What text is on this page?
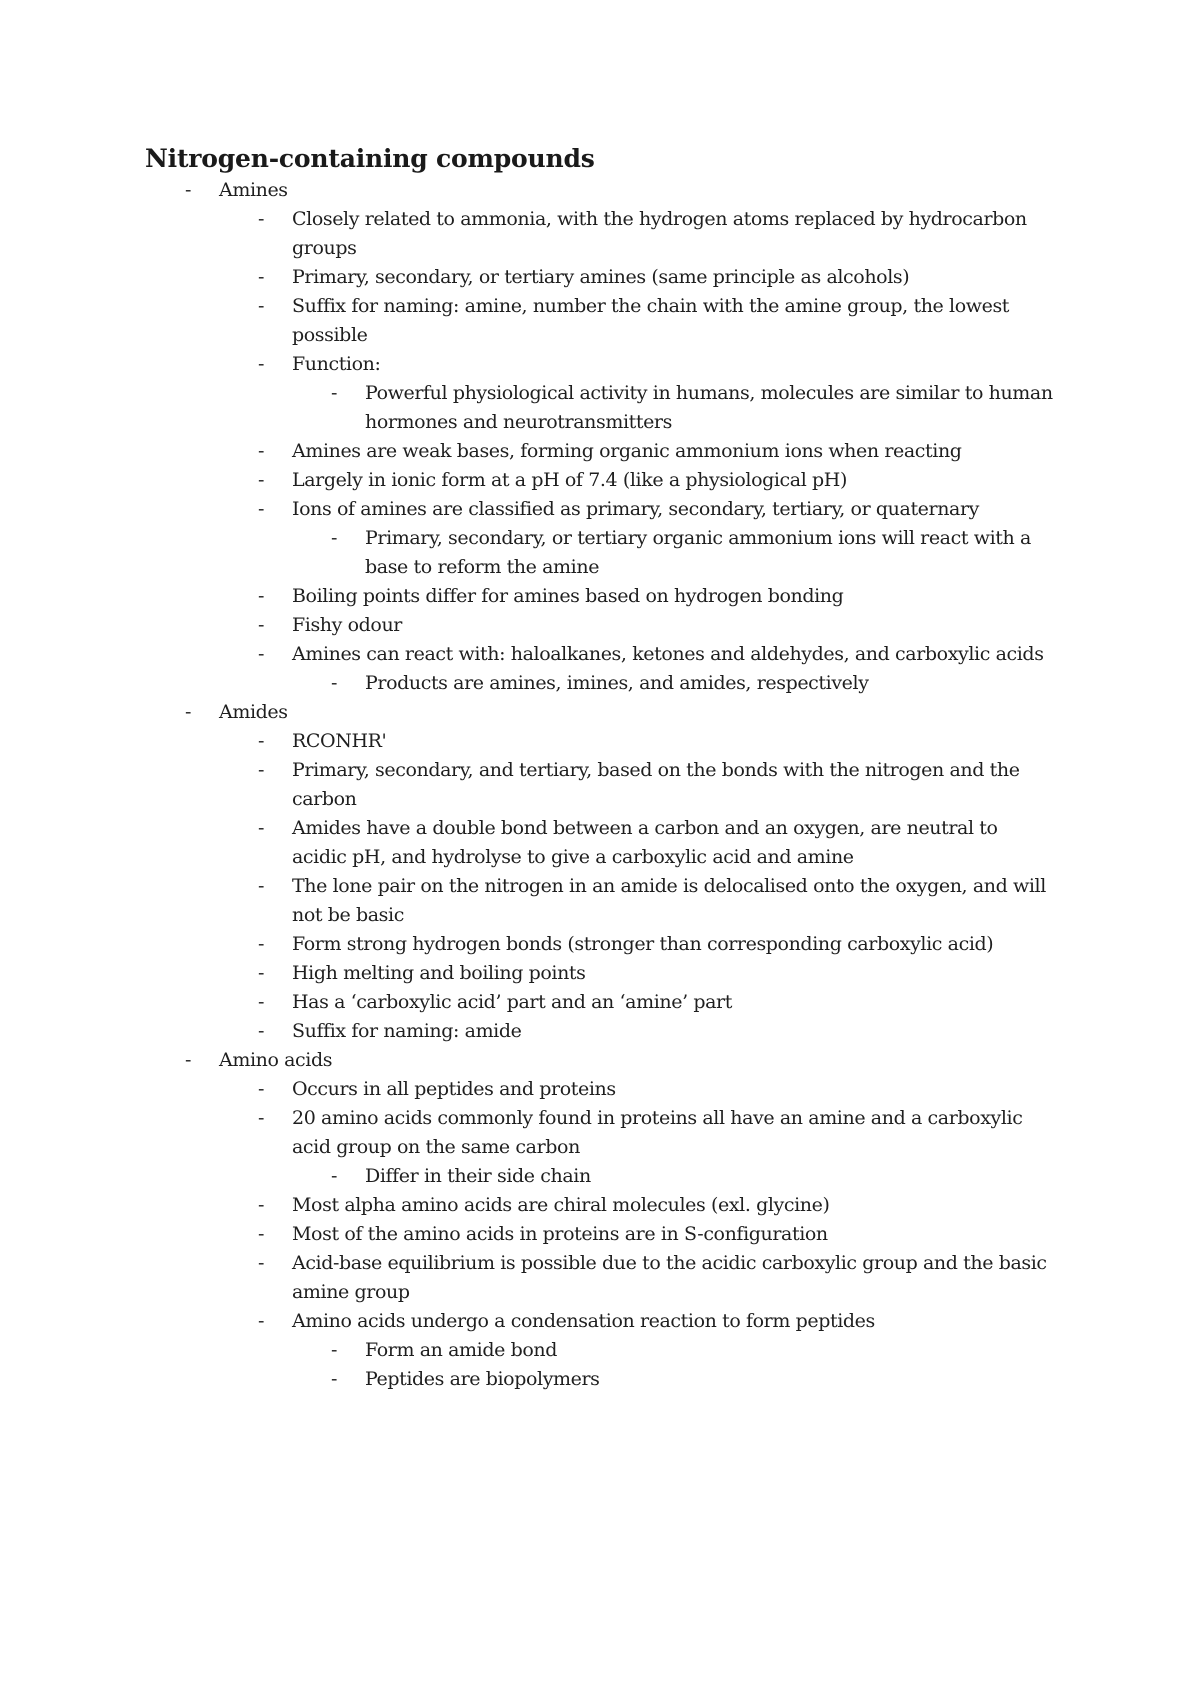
Nitrogen-containing compounds
- Amines
- Closely related to ammonia, with the hydrogen atoms replaced by hydrocarbon groups
- Primary, secondary, or tertiary amines (same principle as alcohols)
- Suffix for naming: amine, number the chain with the amine group, the lowest possible
- Function:
- Powerful physiological activity in humans, molecules are similar to human hormones and neurotransmitters
- Amines are weak bases, forming organic ammonium ions when reacting
- Largely in ionic form at a pH of 7.4 (like a physiological pH)
- Ions of amines are classified as primary, secondary, tertiary, or quaternary
- Primary, secondary, or tertiary organic ammonium ions will react with a base to reform the amine
- Boiling points differ for amines based on hydrogen bonding
- Fishy odour
- Amines can react with: haloalkanes, ketones and aldehydes, and carboxylic acids
- Products are amines, imines, and amides, respectively
- Amides
- RCONHR'
- Primary, secondary, and tertiary, based on the bonds with the nitrogen and the carbon
- Amides have a double bond between a carbon and an oxygen, are neutral to acidic pH, and hydrolyse to give a carboxylic acid and amine
- The lone pair on the nitrogen in an amide is delocalised onto the oxygen, and will not be basic
- Form strong hydrogen bonds (stronger than corresponding carboxylic acid)
- High melting and boiling points
- Has a ‘carboxylic acid’ part and an ‘amine’ part
- Suffix for naming: amide
- Amino acids
- Occurs in all peptides and proteins
- 20 amino acids commonly found in proteins all have an amine and a carboxylic acid group on the same carbon
- Differ in their side chain
- Most alpha amino acids are chiral molecules (exl. glycine)
- Most of the amino acids in proteins are in S-configuration
- Acid-base equilibrium is possible due to the acidic carboxylic group and the basic amine group
- Amino acids undergo a condensation reaction to form peptides
- Form an amide bond
- Peptides are biopolymers
